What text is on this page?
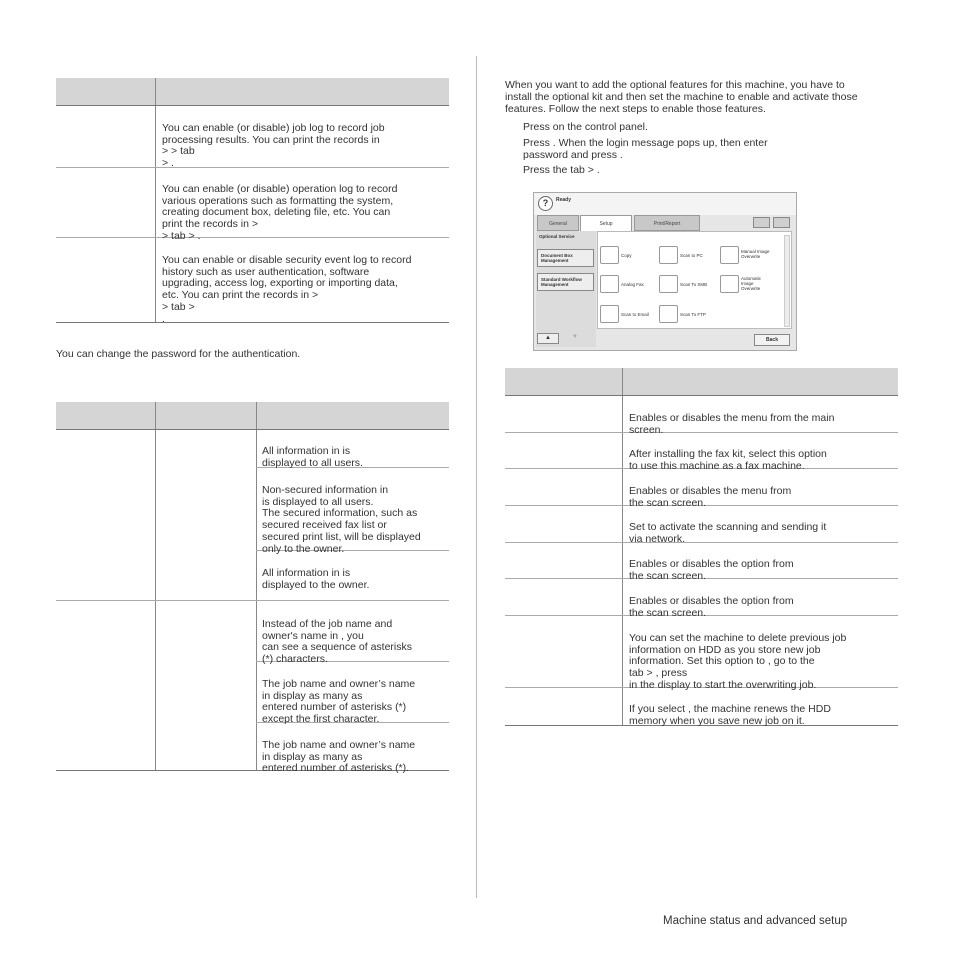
You can enable (or disable) job log to record job
processing results. You can print the records in
> > tab
> .

You can enable (or disable) operation log to record
various operations such as formatting the system,
creating document box, deleting file, etc. You can
print the records in >
> tab > .

You can enable or disable security event log to record
history such as user authentication, software
upgrading, access log, exporting or importing data,
etc. You can print the records in >
> tab >
.

You can change the password for the authentication.

All information in is
displayed to all users.

Non-secured information in
is displayed to all users.
The secured information, such as
secured received fax list or
secured print list, will be displayed
only to the owner.

All information in is
displayed to the owner.

Instead of the job name and
owner's name in , you
can see a sequence of asterisks
(*) characters.

The job name and owner’s name
in display as many as
entered number of asterisks (*)
except the first character.

The job name and owner’s name
in display as many as
entered number of asterisks (*).

When you want to add the optional features for this machine, you have to
install the optional kit and then set the machine to enable and activate those
features. Follow the next steps to enable those features.
Press on the control panel.
Press . When the login message pops up, then enter
password and press .
Press the tab > .
?	Ready
General	Setup	Print/Report
Optional Service
Document Box
Management
Standard Workflow
Management
▲	▼
Copy	Scan to PC
Manual Image
Overwrite
Analog Fax	Scan To SMB
Automatic
Image
Overwrite
Scan to Email	Scan To FTP
Back

Enables or disables the menu from the main
screen.

After installing the fax kit, select this option
to use this machine as a fax machine.

Enables or disables the menu from
the scan screen.

Set to activate the scanning and sending it
via network.

Enables or disables the option from
the scan screen.

Enables or disables the option from
the scan screen.

You can set the machine to delete previous job
information on HDD as you store new job
information. Set this option to , go to the
tab > , press
in the display to start the overwriting job.

If you select , the machine renews the HDD
memory when you save new job on it.

Machine status and advanced setup
